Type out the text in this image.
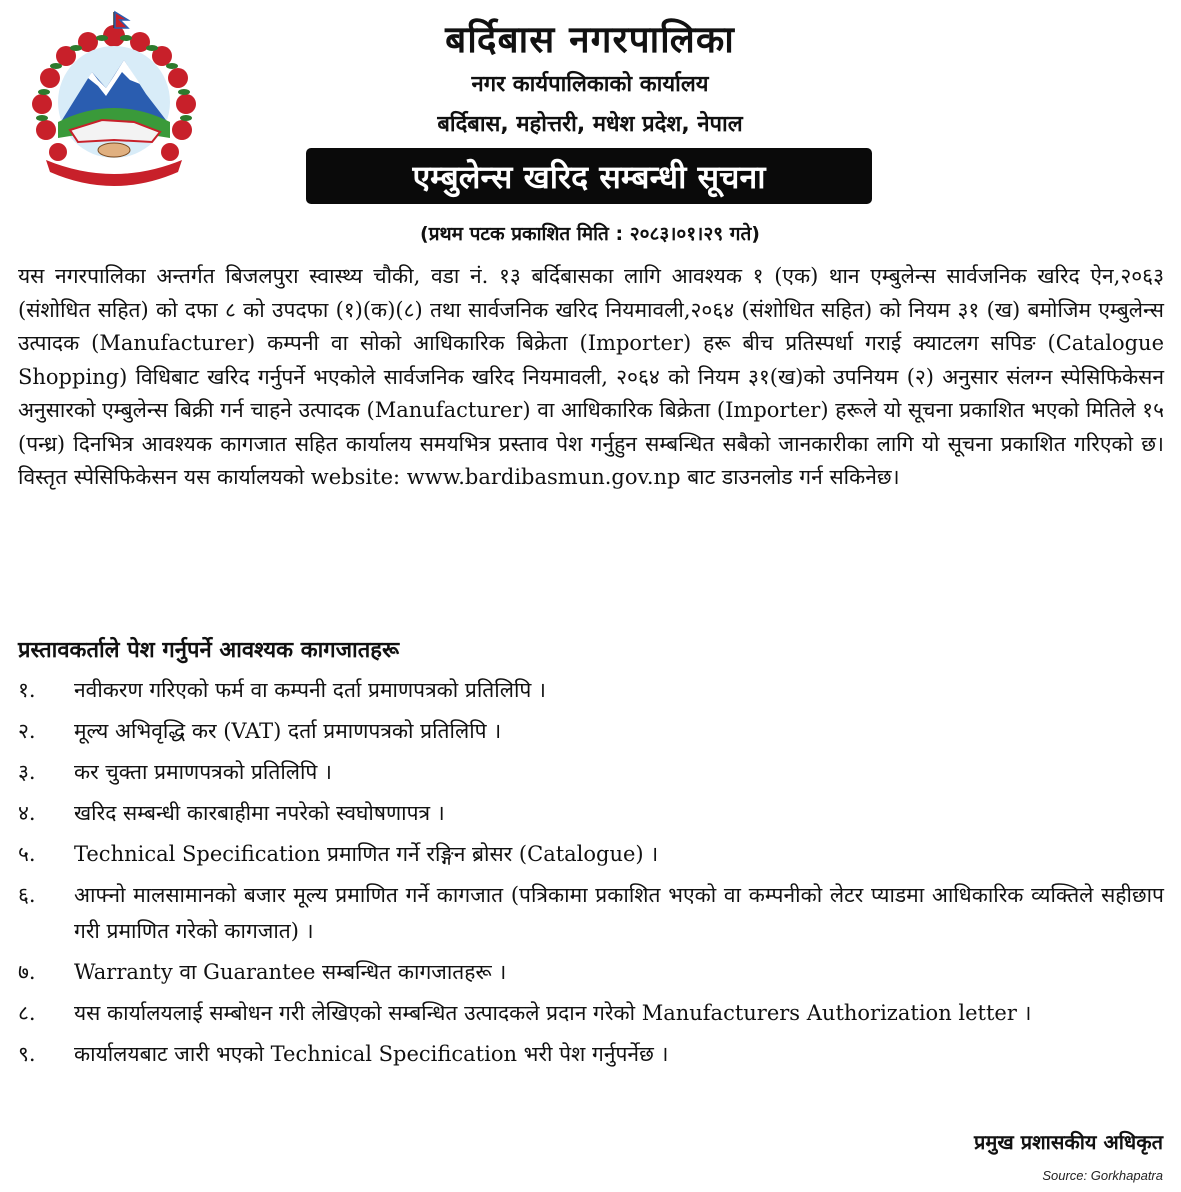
बर्दिबास नगरपालिका
नगर कार्यपालिकाको कार्यालय
बर्दिबास, महोत्तरी, मधेश प्रदेश, नेपाल
एम्बुलेन्स खरिद सम्बन्धी सूचना
(प्रथम पटक प्रकाशित मिति : २०८३।०१।२९ गते)
यस नगरपालिका अन्तर्गत बिजलपुरा स्वास्थ्य चौकी, वडा नं. १३ बर्दिबासका लागि आवश्यक १ (एक) थान एम्बुलेन्स सार्वजनिक खरिद ऐन,२०६३ (संशोधित सहित) को दफा ८ को उपदफा (१)(क)(८) तथा सार्वजनिक खरिद नियमावली,२०६४ (संशोधित सहित) को नियम ३१ (ख) बमोजिम एम्बुलेन्स उत्पादक (Manufacturer) कम्पनी वा सोको आधिकारिक बिक्रेता (Importer) हरू बीच प्रतिस्पर्धा गराई क्याटलग सपिङ (Catalogue Shopping) विधिबाट खरिद गर्नुपर्ने भएकोले सार्वजनिक खरिद नियमावली, २०६४ को नियम ३१(ख)को उपनियम (२) अनुसार संलग्न स्पेसिफिकेसन अनुसारको एम्बुलेन्स बिक्री गर्न चाहने उत्पादक (Manufacturer) वा आधिकारिक बिक्रेता (Importer) हरूले यो सूचना प्रकाशित भएको मितिले १५ (पन्ध्र) दिनभित्र आवश्यक कागजात सहित कार्यालय समयभित्र प्रस्ताव पेश गर्नुहुन सम्बन्धित सबैको जानकारीका लागि यो सूचना प्रकाशित गरिएको छ। विस्तृत स्पेसिफिकेसन यस कार्यालयको website: www.bardibasmun.gov.np बाट डाउनलोड गर्न सकिनेछ।
प्रस्तावकर्ताले पेश गर्नुपर्ने आवश्यक कागजातहरू
१.	नवीकरण गरिएको फर्म वा कम्पनी दर्ता प्रमाणपत्रको प्रतिलिपि ।
२.	मूल्य अभिवृद्धि कर (VAT) दर्ता प्रमाणपत्रको प्रतिलिपि ।
३.	कर चुक्ता प्रमाणपत्रको प्रतिलिपि ।
४.	खरिद सम्बन्धी कारबाहीमा नपरेको स्वघोषणापत्र ।
५.	Technical Specification प्रमाणित गर्ने रङ्गिन ब्रोसर (Catalogue) ।
६.	आफ्नो मालसामानको बजार मूल्य प्रमाणित गर्ने कागजात (पत्रिकामा प्रकाशित भएको वा कम्पनीको लेटर प्याडमा आधिकारिक व्यक्तिले सहीछाप गरी प्रमाणित गरेको कागजात) ।
७.	Warranty वा Guarantee सम्बन्धित कागजातहरू ।
८.	यस कार्यालयलाई सम्बोधन गरी लेखिएको सम्बन्धित उत्पादकले प्रदान गरेको Manufacturers Authorization letter ।
९.	कार्यालयबाट जारी भएको Technical Specification भरी पेश गर्नुपर्नेछ ।
प्रमुख प्रशासकीय अधिकृत
Source: Gorkhapatra
